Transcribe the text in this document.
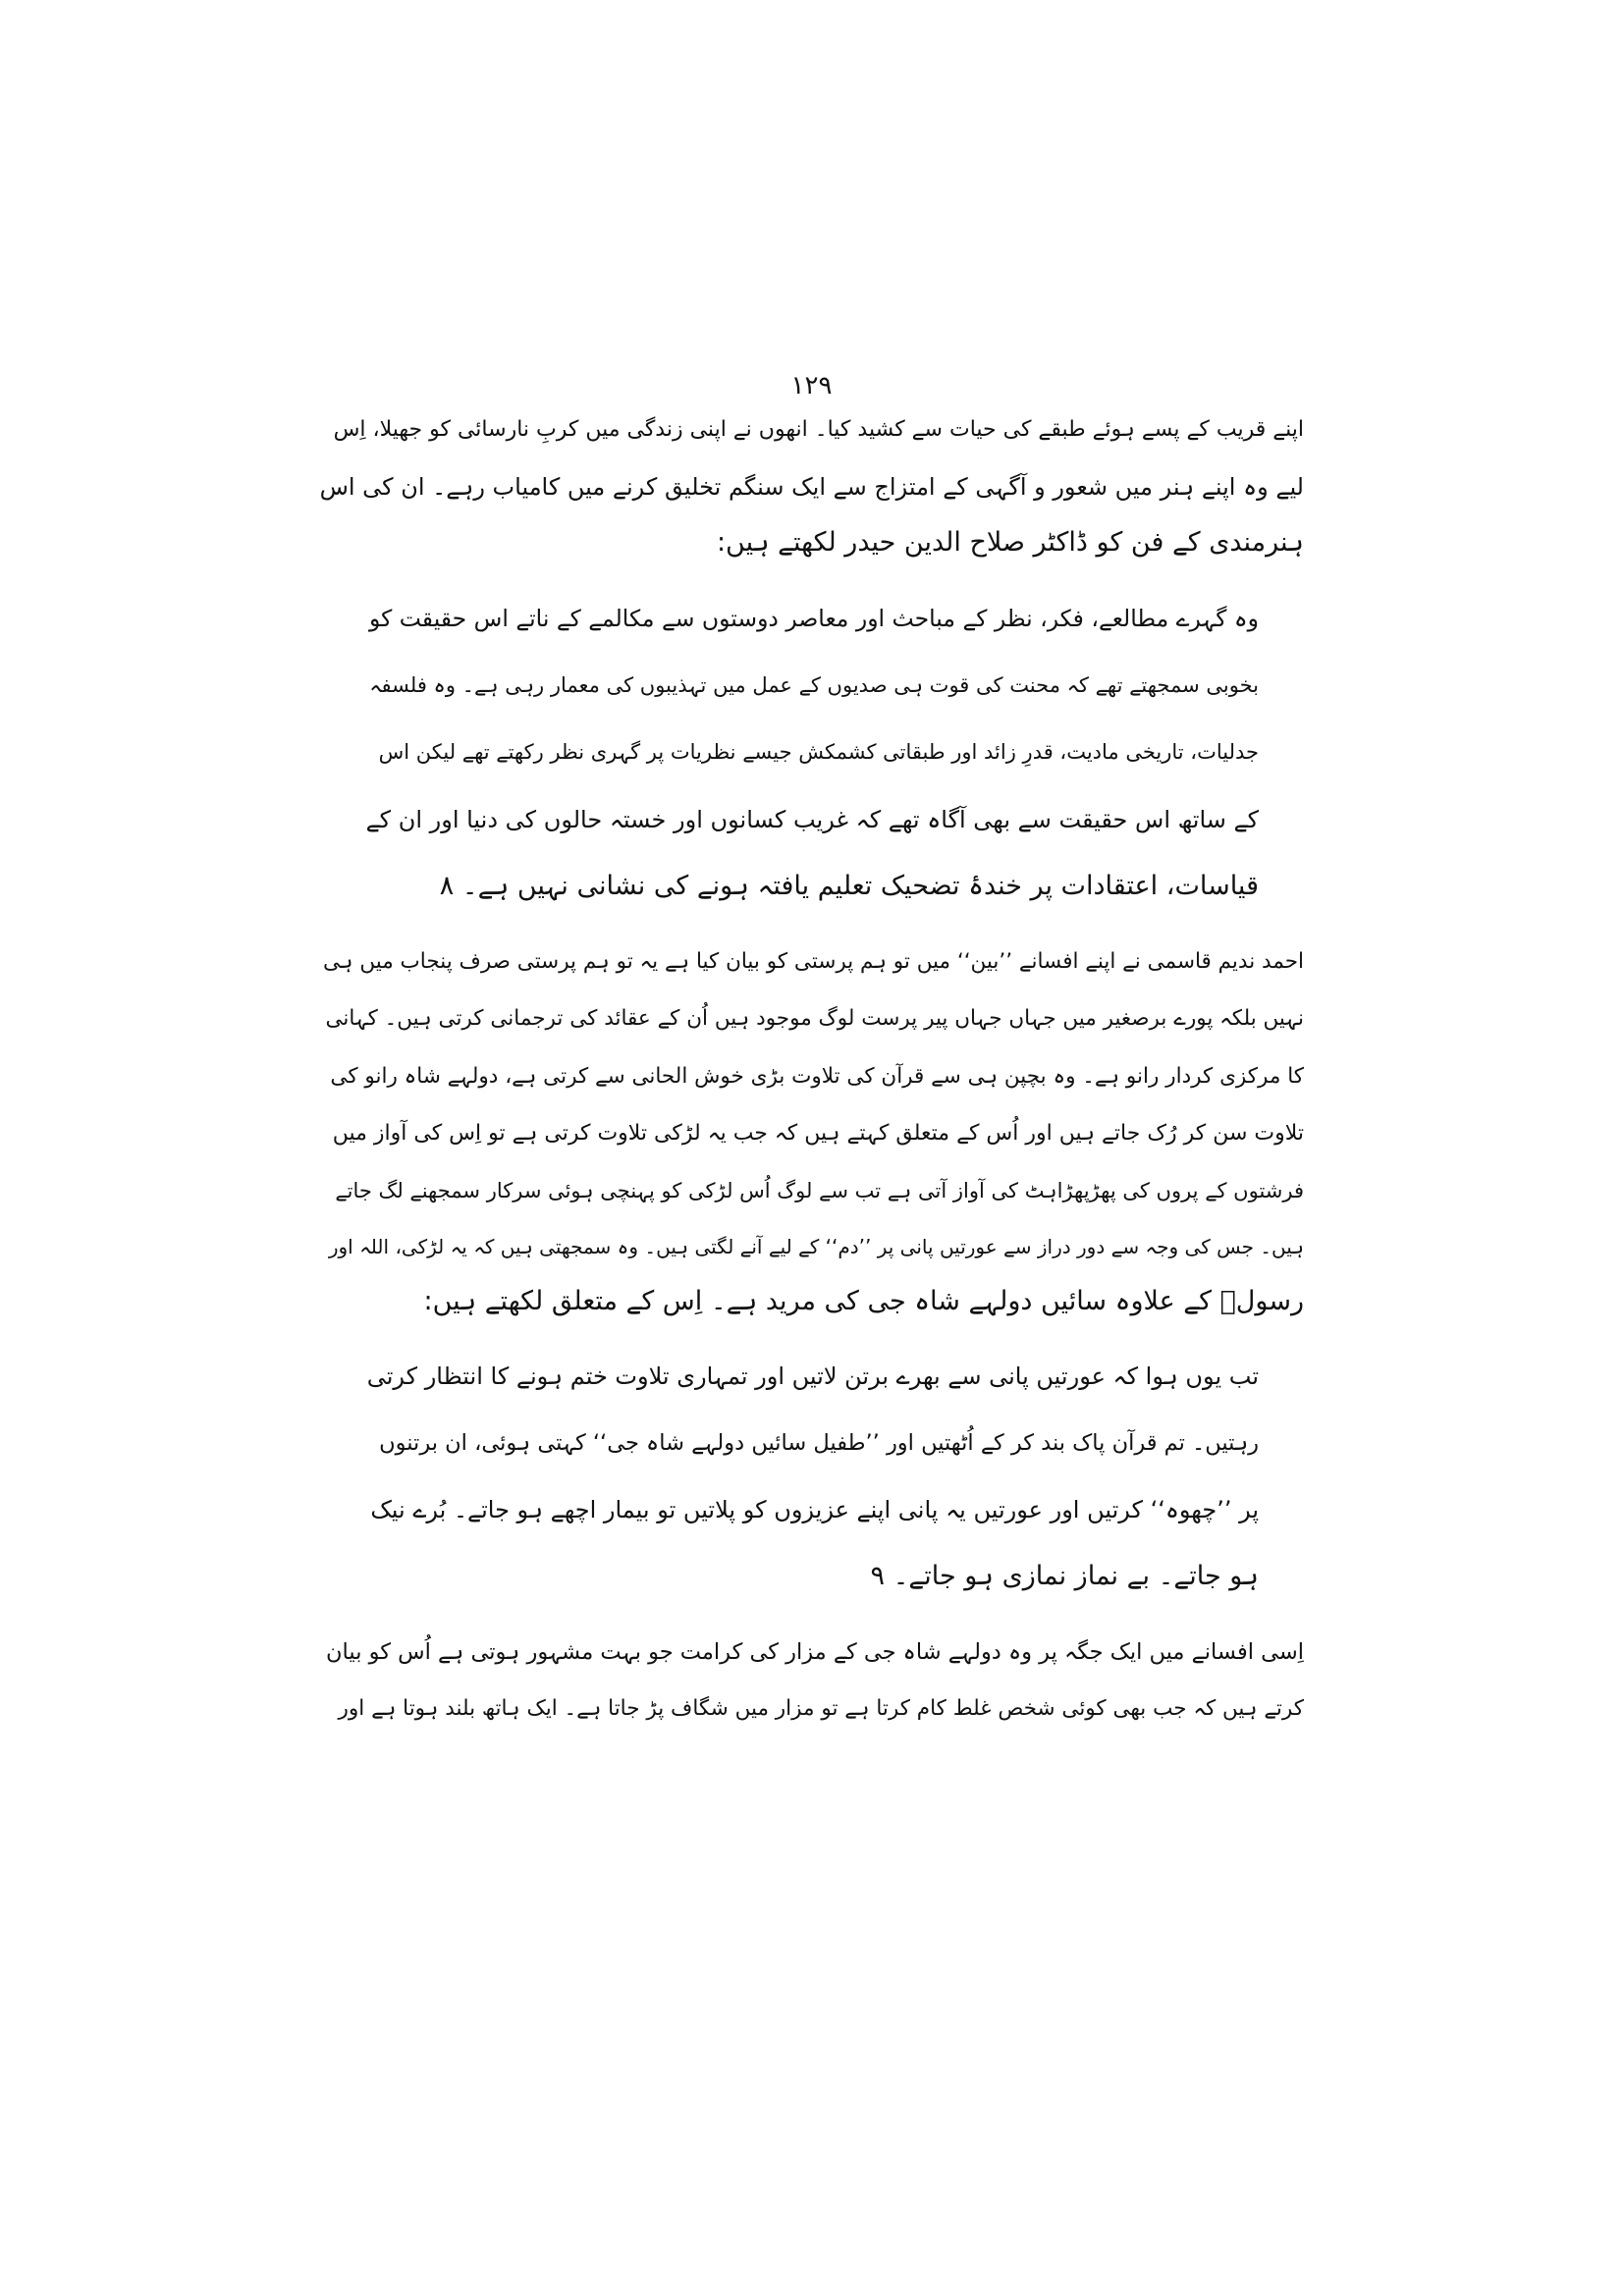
۱۲۹
اپنے قریب کے پسے ہوئے طبقے کی حیات سے کشید کیا۔ انھوں نے اپنی زندگی میں کربِ نارسائی کو جھیلا، اِس
لیے وہ اپنے ہنر میں شعور و آگہی کے امتزاج سے ایک سنگم تخلیق کرنے میں کامیاب رہے۔ ان کی اس
ہنرمندی کے فن کو ڈاکٹر صلاح الدین حیدر لکھتے ہیں:
وہ گہرے مطالعے، فکر، نظر کے مباحث اور معاصر دوستوں سے مکالمے کے ناتے اس حقیقت کو
بخوبی سمجھتے تھے کہ محنت کی قوت ہی صدیوں کے عمل میں تہذیبوں کی معمار رہی ہے۔ وہ فلسفہ
جدلیات، تاریخی مادیت، قدرِ زائد اور طبقاتی کشمکش جیسے نظریات پر گہری نظر رکھتے تھے لیکن اس
کے ساتھ اس حقیقت سے بھی آگاہ تھے کہ غریب کسانوں اور خستہ حالوں کی دنیا اور ان کے
قیاسات، اعتقادات پر خندۂ تضحیک تعلیم یافتہ ہونے کی نشانی نہیں ہے۔ ۸
احمد ندیم قاسمی نے اپنے افسانے ’’بین‘‘ میں تو ہم پرستی کو بیان کیا ہے یہ تو ہم پرستی صرف پنجاب میں ہی
نہیں بلکہ پورے برصغیر میں جہاں جہاں پیر پرست لوگ موجود ہیں اُن کے عقائد کی ترجمانی کرتی ہیں۔ کہانی
کا مرکزی کردار رانو ہے۔ وہ بچپن ہی سے قرآن کی تلاوت بڑی خوش الحانی سے کرتی ہے، دولہے شاہ رانو کی
تلاوت سن کر رُک جاتے ہیں اور اُس کے متعلق کہتے ہیں کہ جب یہ لڑکی تلاوت کرتی ہے تو اِس کی آواز میں
فرشتوں کے پروں کی پھڑپھڑاہٹ کی آواز آتی ہے تب سے لوگ اُس لڑکی کو پہنچی ہوئی سرکار سمجھنے لگ جاتے
ہیں۔ جس کی وجہ سے دور دراز سے عورتیں پانی پر ’’دم‘‘ کے لیے آنے لگتی ہیں۔ وہ سمجھتی ہیں کہ یہ لڑکی، اللہ اور
رسولؐ کے علاوہ سائیں دولہے شاہ جی کی مرید ہے۔ اِس کے متعلق لکھتے ہیں:
تب یوں ہوا کہ عورتیں پانی سے بھرے برتن لاتیں اور تمہاری تلاوت ختم ہونے کا انتظار کرتی
رہتیں۔ تم قرآن پاک بند کر کے اُٹھتیں اور ’’طفیل سائیں دولہے شاہ جی‘‘ کہتی ہوئی، ان برتنوں
پر ’’چھوہ‘‘ کرتیں اور عورتیں یہ پانی اپنے عزیزوں کو پلاتیں تو بیمار اچھے ہو جاتے۔ بُرے نیک
ہو جاتے۔ بے نماز نمازی ہو جاتے۔ ۹
اِسی افسانے میں ایک جگہ پر وہ دولہے شاہ جی کے مزار کی کرامت جو بہت مشہور ہوتی ہے اُس کو بیان
کرتے ہیں کہ جب بھی کوئی شخص غلط کام کرتا ہے تو مزار میں شگاف پڑ جاتا ہے۔ ایک ہاتھ بلند ہوتا ہے اور
